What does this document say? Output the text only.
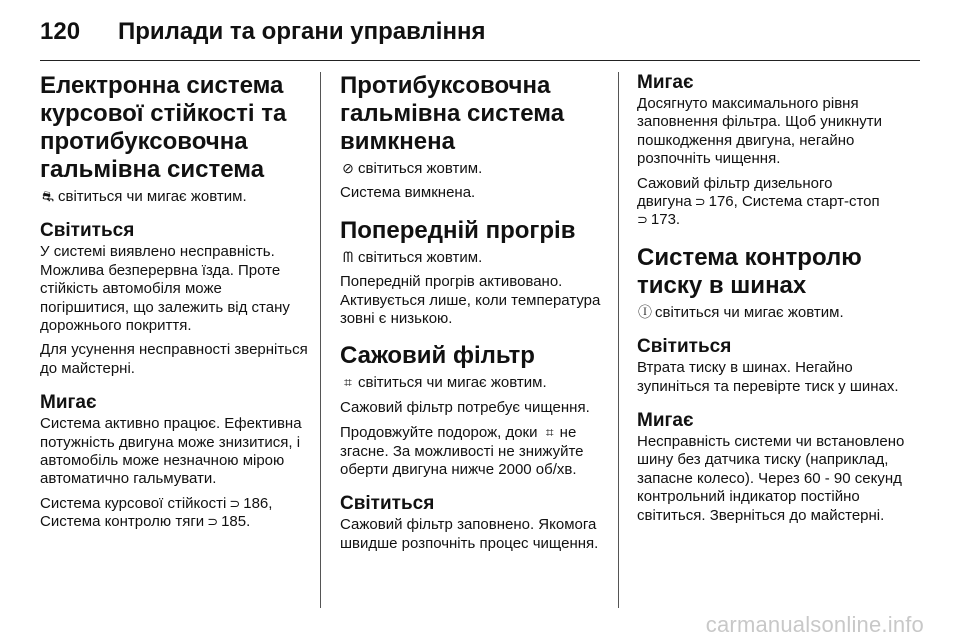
120	Прилади та органи управління
Електронна система курсової стійкості та протибуксовочна гальмівна система

⛐ світиться чи мигає жовтим.

Світиться

У системі виявлено несправність. Можлива безперервна їзда. Проте стійкість автомобіля може погіршитися, що залежить від стану дорожнього покриття.

Для усунення несправності зверніться до майстерні.

Мигає

Система активно працює. Ефективна потужність двигуна може знизитися, і автомобіль може незначною мірою автоматично гальмувати.

Система курсової стійкості ⊃ 186,
Система контролю тяги ⊃ 185.

Протибуксовочна гальмівна система вимкнена

⊘ світиться жовтим.

Система вимкнена.

Попередній прогрів

ᗰ світиться жовтим.

Попередній прогрів активовано. Активується лише, коли температура зовні є низькою.

Сажовий фільтр

⌗ світиться чи мигає жовтим.

Сажовий фільтр потребує чищення.

Продовжуйте подорож, доки ⌗ не згасне. За можливості не знижуйте оберти двигуна нижче 2000 об/хв.

Світиться

Сажовий фільтр заповнено. Якомога швидше розпочніть процес чищення.

Мигає

Досягнуто максимального рівня заповнення фільтра. Щоб уникнути пошкодження двигуна, негайно розпочніть чищення.

Сажовий фільтр дизельного двигуна ⊃ 176, Система старт-стоп
⊃ 173.

Система контролю тиску в шинах

Ⓘ світиться чи мигає жовтим.

Світиться

Втрата тиску в шинах. Негайно зупиніться та перевірте тиск у шинах.

Мигає

Несправність системи чи встановлено шину без датчика тиску (наприклад, запасне колесо). Через 60 - 90 секунд контрольний індикатор постійно світиться. Зверніться до майстерні.

carmanualsonline.info
